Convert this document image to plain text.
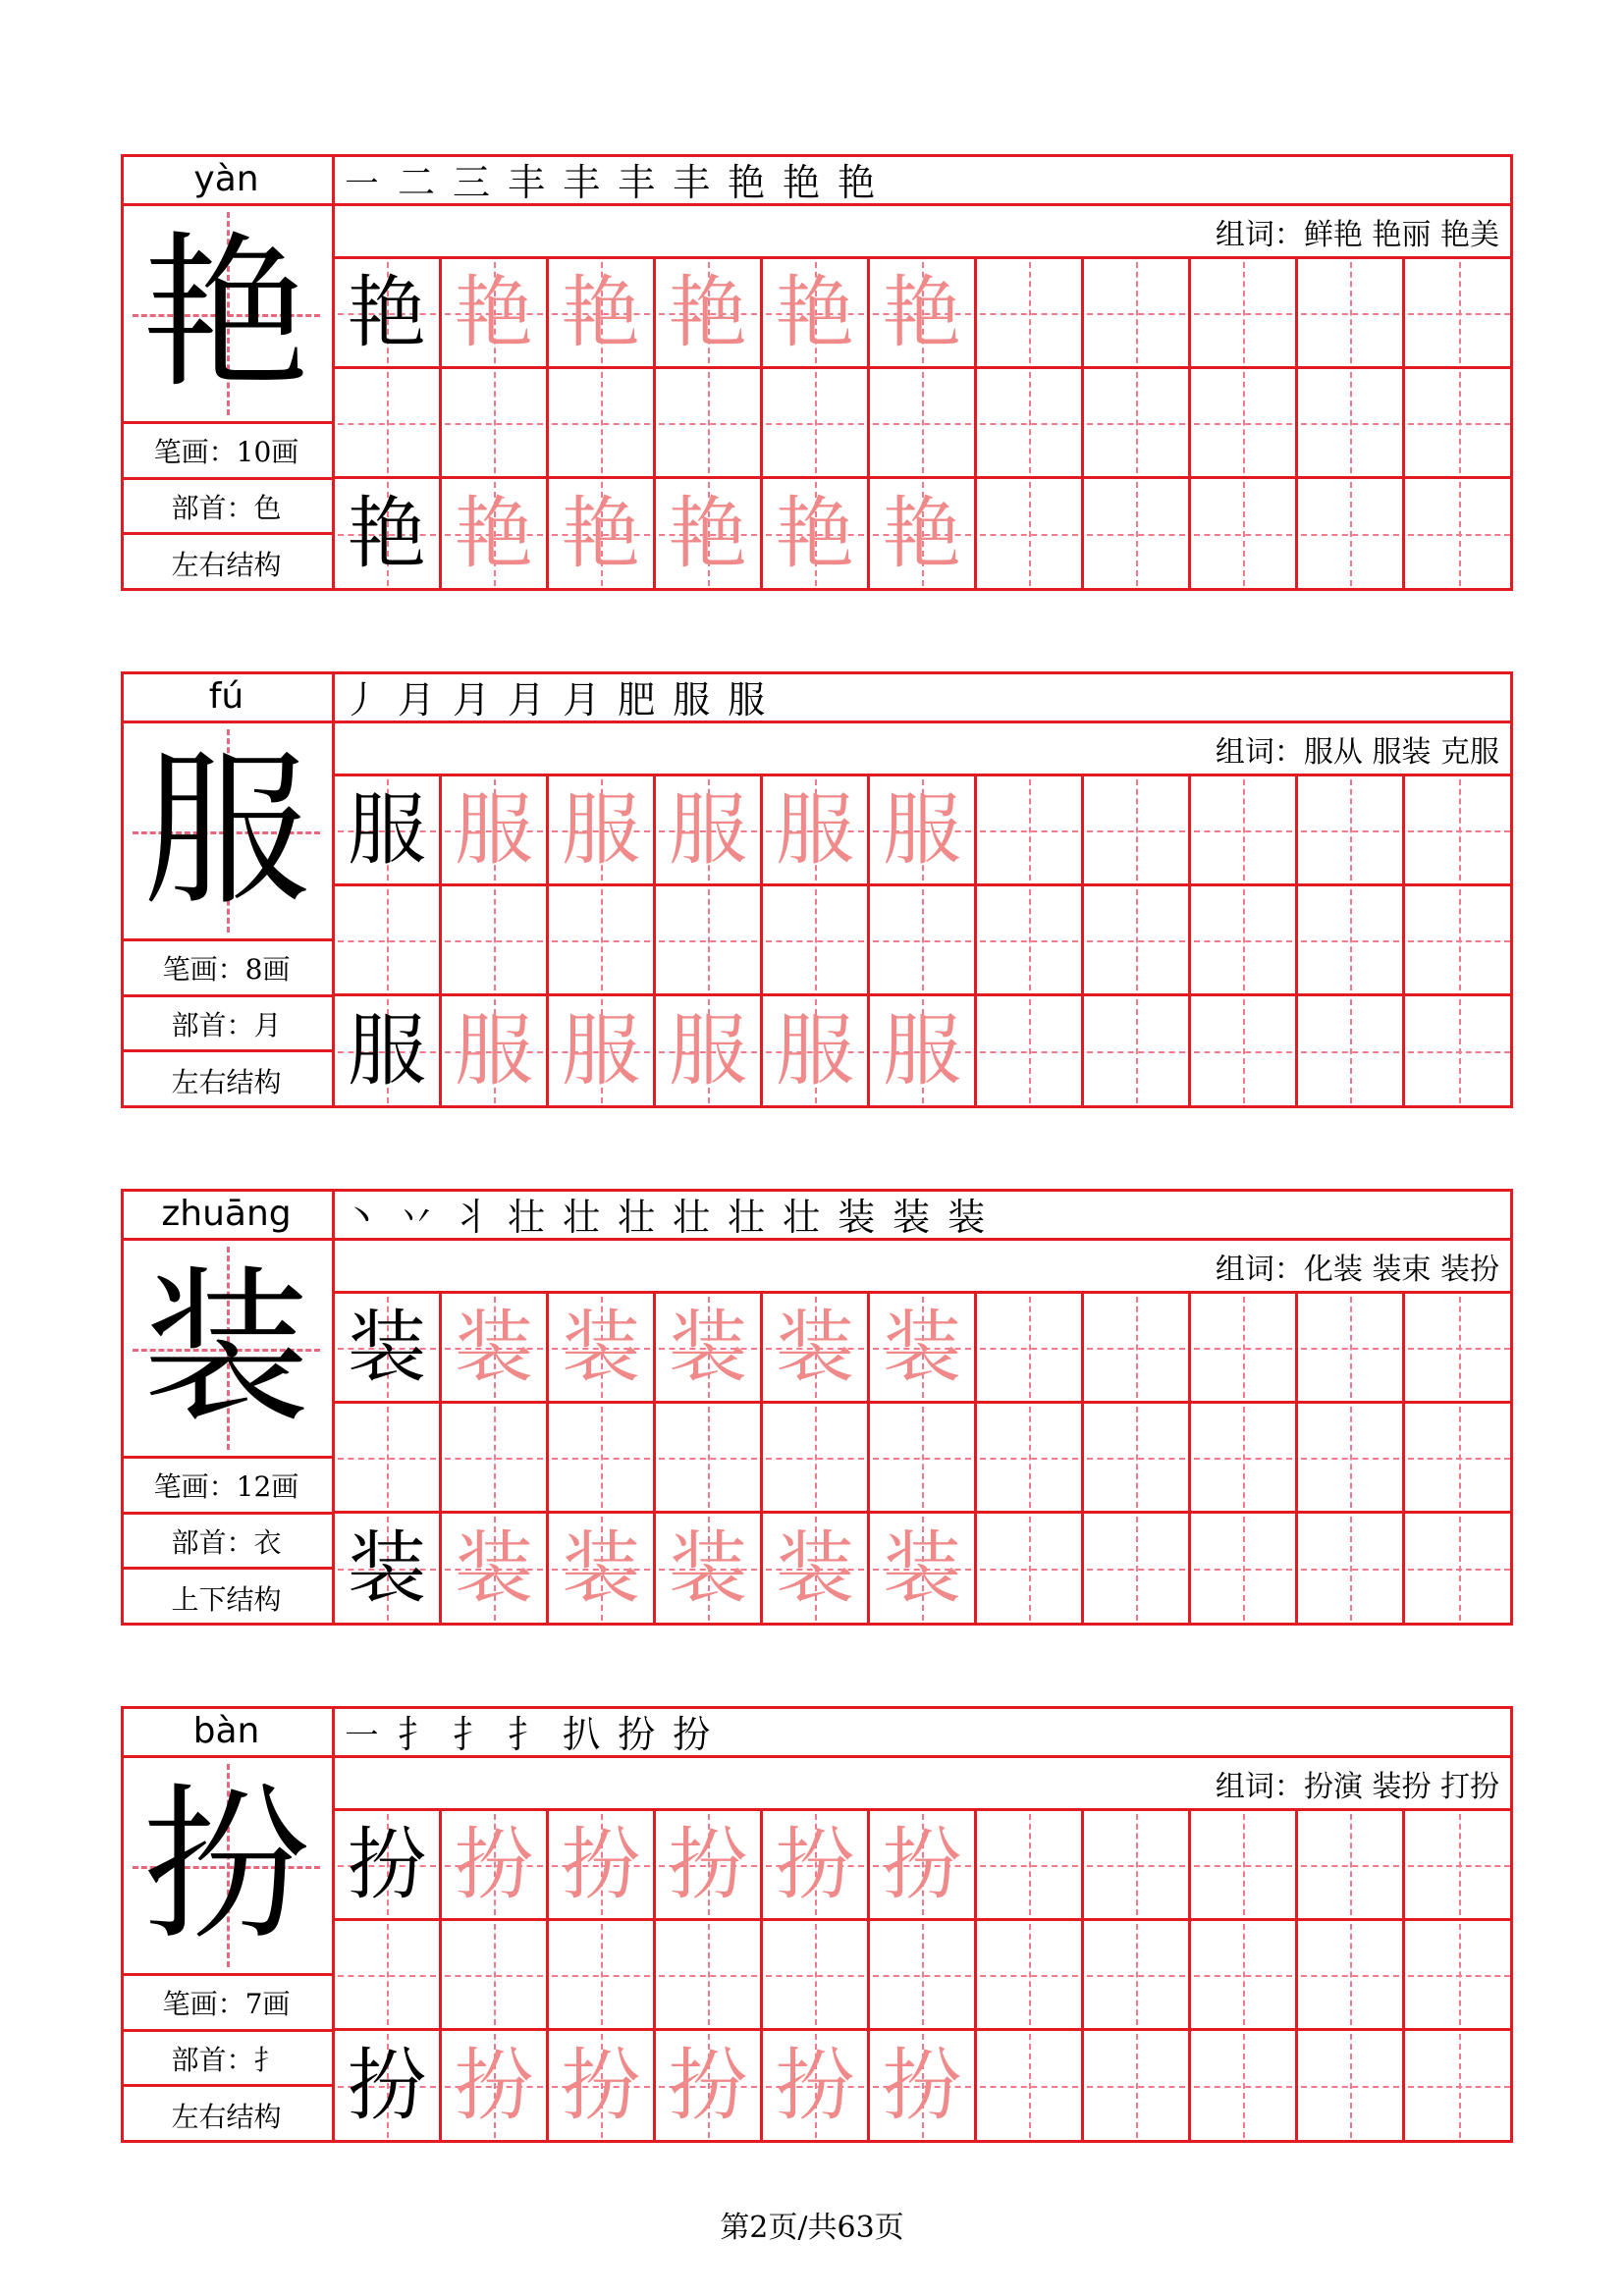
yàn
艳
笔画：10画
部首：色
左右结构
㇐ 二 三 丰 丰 丰 丰 艳 艳 艳
组词：鲜艳 艳丽 艳美
艳 艳 艳 艳 艳 艳
艳 艳 艳 艳 艳 艳
fú
服
笔画：8画
部首：月
左右结构
丿 月 月 月 月 肥 服 服
组词：服从 服装 克服
服 服 服 服 服 服
服 服 服 服 服 服
zhuāng
装
笔画：12画
部首：衣
上下结构
丶 丷 丬 壮 壮 壮 壮 壮 壮 装 装 装
组词：化装 装束 装扮
装 装 装 装 装 装
装 装 装 装 装 装
bàn
扮
笔画：7画
部首：扌
左右结构
㇐ 扌 扌 扌 扒 扮 扮
组词：扮演 装扮 打扮
扮 扮 扮 扮 扮 扮
扮 扮 扮 扮 扮 扮
第2页/共63页
